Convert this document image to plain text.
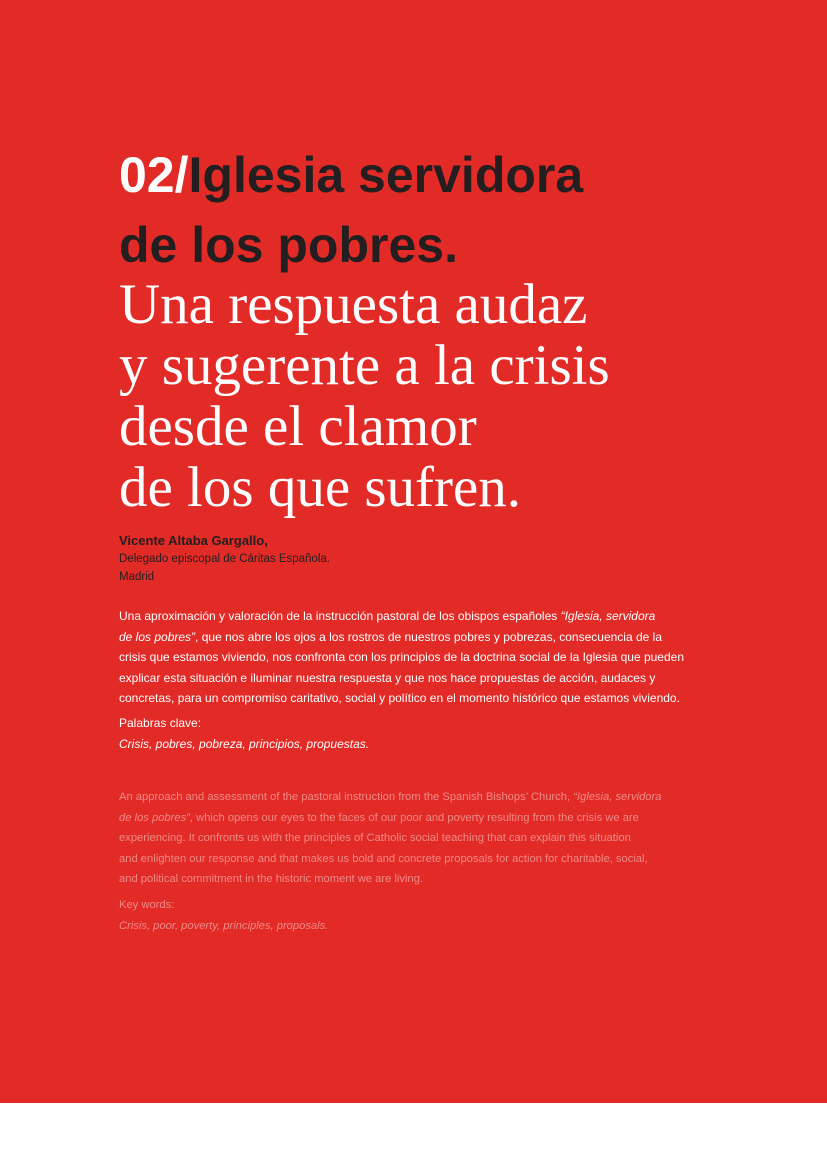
02/Iglesia servidora
de los pobres.
Una respuesta audaz
y sugerente a la crisis
desde el clamor
de los que sufren.
Vicente Altaba Gargallo,
Delegado episcopal de Cáritas Española.
Madrid

Una aproximación y valoración de la instrucción pastoral de los obispos españoles “Iglesia, servidora

de los pobres”, que nos abre los ojos a los rostros de nuestros pobres y pobrezas, consecuencia de la

crisis que estamos viviendo, nos confronta con los principios de la doctrina social de la Iglesia que pueden

explicar esta situación e iluminar nuestra respuesta y que nos hace propuestas de acción, audaces y

concretas, para un compromiso caritativo, social y político en el momento histórico que estamos viviendo.

Palabras clave:
Crisis, pobres, pobreza, principios, propuestas.

An approach and assessment of the pastoral instruction from the Spanish Bishops’ Church, “Iglesia, servidora

de los pobres”, which opens our eyes to the faces of our poor and poverty resulting from the crisis we are

experiencing. It confronts us with the principles of Catholic social teaching that can explain this situation

and enlighten our response and that makes us bold and concrete proposals for action for charitable, social,

and political commitment in the historic moment we are living.

Key words:
Crisis, poor, poverty, principles, proposals.
